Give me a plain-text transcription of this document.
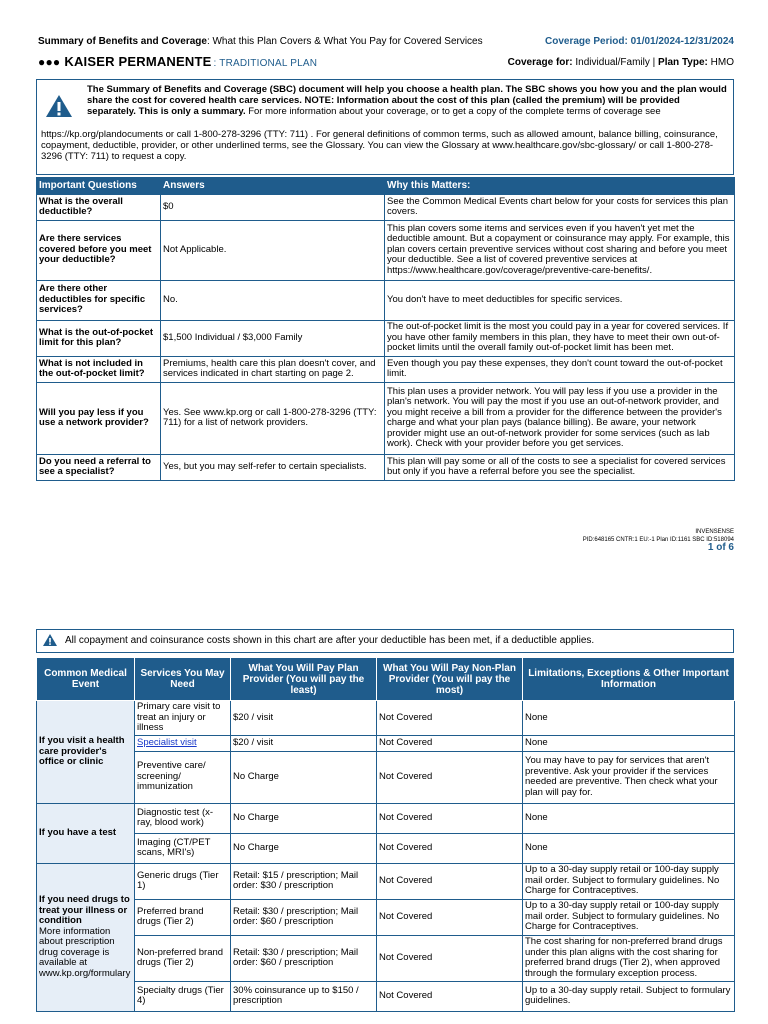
Summary of Benefits and Coverage: What this Plan Covers & What You Pay for Covered Services	Coverage Period: 01/01/2024-12/31/2024
●●● KAISER PERMANENTE : TRADITIONAL PLAN	Coverage for: Individual/Family | Plan Type: HMO
The Summary of Benefits and Coverage (SBC) document will help you choose a health plan. The SBC shows you how you and the plan would share the cost for covered health care services. NOTE: Information about the cost of this plan (called the premium) will be provided separately. This is only a summary. For more information about your coverage, or to get a copy of the complete terms of coverage see
https://kp.org/plandocuments or call 1-800-278-3296 (TTY: 711) . For general definitions of common terms, such as allowed amount, balance billing, coinsurance, copayment, deductible, provider, or other underlined terms, see the Glossary. You can view the Glossary at www.healthcare.gov/sbc-glossary/ or call 1-800-278-3296 (TTY: 711) to request a copy.
Important Questions	Answers	Why this Matters:
What is the overall deductible?	$0	See the Common Medical Events chart below for your costs for services this plan covers.
Are there services covered before you meet your deductible?	Not Applicable.	This plan covers some items and services even if you haven't yet met the deductible amount. But a copayment or coinsurance may apply. For example, this plan covers certain preventive services without cost sharing and before you meet your deductible. See a list of covered preventive services at https://www.healthcare.gov/coverage/preventive-care-benefits/.
Are there other deductibles for specific services?	No.	You don't have to meet deductibles for specific services.
What is the out-of-pocket limit for this plan?	$1,500 Individual / $3,000 Family	The out-of-pocket limit is the most you could pay in a year for covered services. If you have other family members in this plan, they have to meet their own out-of-pocket limits until the overall family out-of-pocket limit has been met.
What is not included in the out-of-pocket limit?	Premiums, health care this plan doesn't cover, and services indicated in chart starting on page 2.	Even though you pay these expenses, they don't count toward the out-of-pocket limit.
Will you pay less if you use a network provider?	Yes. See www.kp.org or call 1-800-278-3296 (TTY: 711) for a list of network providers.	This plan uses a provider network. You will pay less if you use a provider in the plan's network. You will pay the most if you use an out-of-network provider, and you might receive a bill from a provider for the difference between the provider's charge and what your plan pays (balance billing). Be aware, your network provider might use an out-of-network provider for some services (such as lab work). Check with your provider before you get services.
Do you need a referral to see a specialist?	Yes, but you may self-refer to certain specialists.	This plan will pay some or all of the costs to see a specialist for covered services but only if you have a referral before you see the specialist.
INVENSENSE
PID:648165 CNTR:1 EU:-1 Plan ID:1161 SBC ID:518094
1 of 6
All copayment and coinsurance costs shown in this chart are after your deductible has been met, if a deductible applies.
Common Medical Event	Services You May Need	What You Will Pay Plan Provider (You will pay the least)	What You Will Pay Non-Plan Provider (You will pay the most)	Limitations, Exceptions & Other Important Information
If you visit a health care provider's office or clinic	Primary care visit to treat an injury or illness	$20 / visit	Not Covered	None
	Specialist visit	$20 / visit	Not Covered	None
	Preventive care/ screening/ immunization	No Charge	Not Covered	You may have to pay for services that aren't preventive. Ask your provider if the services needed are preventive. Then check what your plan will pay for.
If you have a test	Diagnostic test (x-ray, blood work)	No Charge	Not Covered	None
	Imaging (CT/PET scans, MRI's)	No Charge	Not Covered	None

If you need drugs to treat your illness or condition
More information about prescription drug coverage is available at www.kp.org/formulary	Generic drugs (Tier 1)	Retail: $15 / prescription; Mail order: $30 / prescription	Not Covered	Up to a 30-day supply retail or 100-day supply mail order. Subject to formulary guidelines. No Charge for Contraceptives.
	Preferred brand drugs (Tier 2)	Retail: $30 / prescription; Mail order: $60 / prescription	Not Covered	Up to a 30-day supply retail or 100-day supply mail order. Subject to formulary guidelines. No Charge for Contraceptives.
	Non-preferred brand drugs (Tier 2)	Retail: $30 / prescription; Mail order: $60 / prescription	Not Covered	The cost sharing for non-preferred brand drugs under this plan aligns with the cost sharing for preferred brand drugs (Tier 2), when approved through the formulary exception process.
	Specialty drugs (Tier 4)	30% coinsurance up to $150 / prescription	Not Covered	Up to a 30-day supply retail. Subject to formulary guidelines.
